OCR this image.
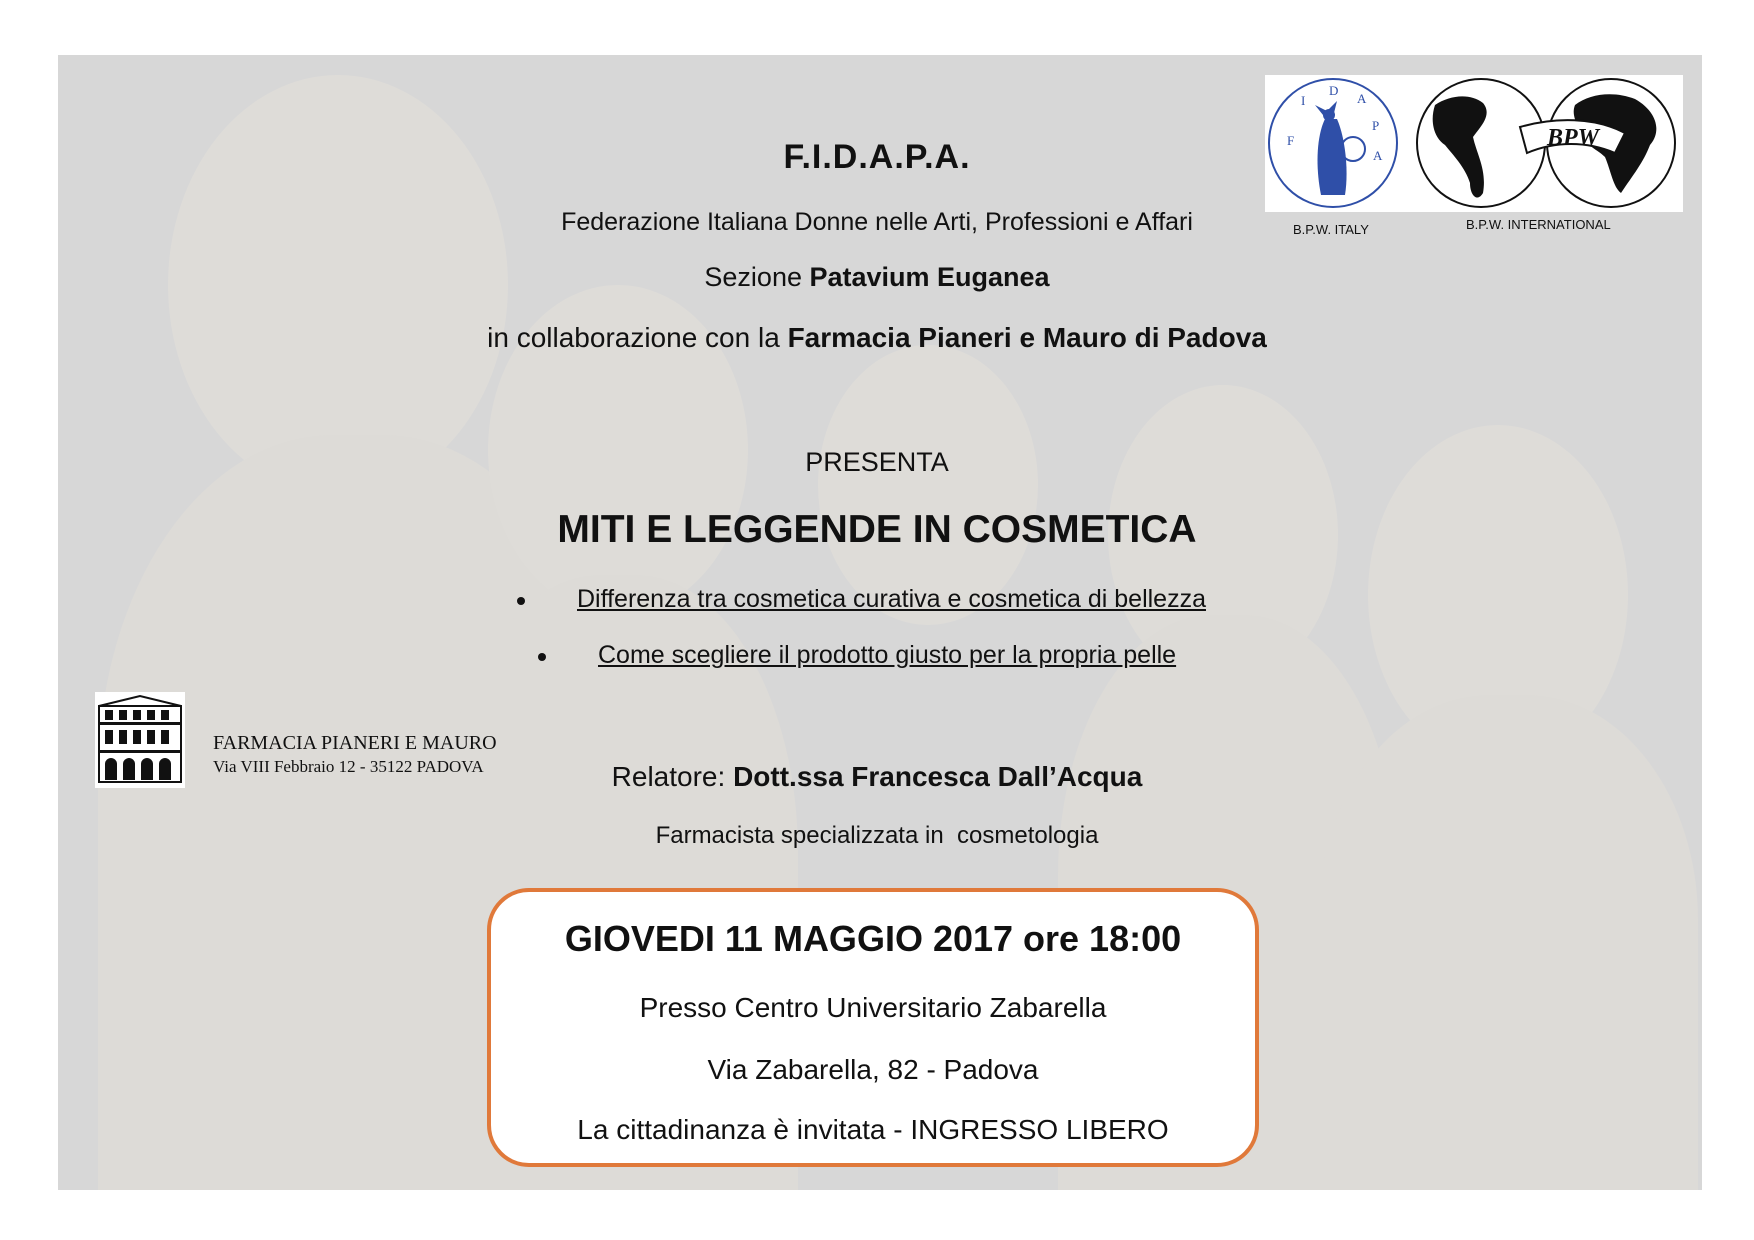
F
I
D
A
P
A
BPW
B.P.W. ITALY	B.P.W. INTERNATIONAL
F.I.D.A.P.A.
Federazione Italiana Donne nelle Arti, Professioni e Affari
Sezione Patavium Euganea
in collaborazione con la Farmacia Pianeri e Mauro di Padova
PRESENTA
MITI E LEGGENDE IN COSMETICA
Differenza tra cosmetica curativa e cosmetica di bellezza
Come scegliere il prodotto giusto per la propria pelle
FARMACIA PIANERI E MAURO
Via VIII Febbraio 12 - 35122 PADOVA	Relatore: Dott.ssa Francesca Dall’Acqua
Farmacista specializzata in  cosmetologia
GIOVEDI 11 MAGGIO 2017 ore 18:00
Presso Centro Universitario Zabarella
Via Zabarella, 82 - Padova
La cittadinanza è invitata - INGRESSO LIBERO
